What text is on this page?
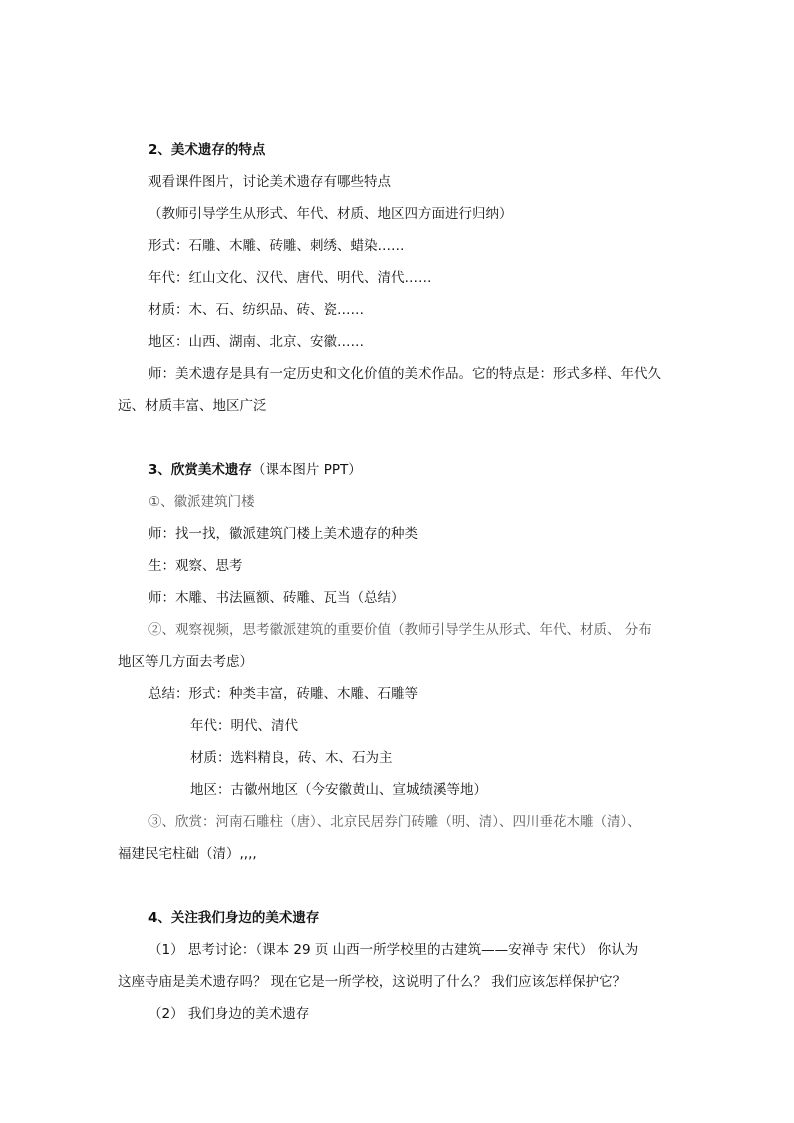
2、美术遗存的特点
观看课件图片，讨论美术遗存有哪些特点
（教师引导学生从形式、年代、材质、地区四方面进行归纳）
形式：石雕、木雕、砖雕、刺绣、蜡染……
年代：红山文化、汉代、唐代、明代、清代……
材质：木、石、纺织品、砖、瓷……
地区：山西、湖南、北京、安徽……
师：美术遗存是具有一定历史和文化价值的美术作品。它的特点是：形式多样、年代久
远、材质丰富、地区广泛
3、欣赏美术遗存（课本图片 PPT）
①、徽派建筑门楼
师：找一找，徽派建筑门楼上美术遗存的种类
生：观察、思考
师：木雕、书法匾额、砖雕、瓦当（总结）
②、观察视频，思考徽派建筑的重要价值（教师引导学生从形式、年代、材质、 分布
地区等几方面去考虑）
总结：形式：种类丰富，砖雕、木雕、石雕等
年代：明代、清代
材质：选料精良，砖、木、石为主
地区：古徽州地区（今安徽黄山、宣城绩溪等地）
③、欣赏：河南石雕柱（唐）、北京民居券门砖雕（明、清）、四川垂花木雕（清）、
福建民宅柱础（清）,,,,
4、关注我们身边的美术遗存
（1） 思考讨论：（课本 29 页 山西一所学校里的古建筑——安禅寺 宋代） 你认为
这座寺庙是美术遗存吗？ 现在它是一所学校，这说明了什么？ 我们应该怎样保护它？
（2） 我们身边的美术遗存
